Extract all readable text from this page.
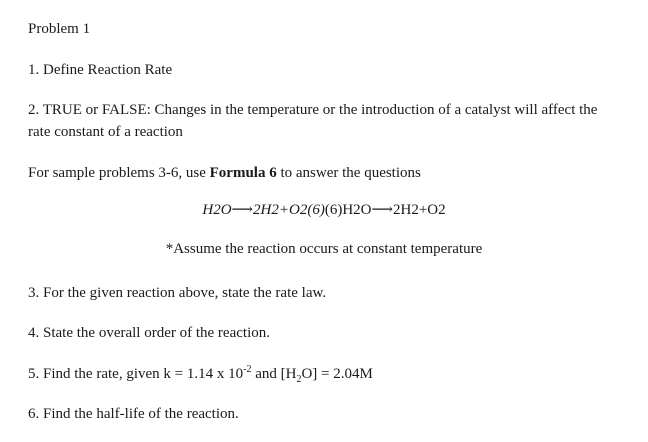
Problem 1
1. Define Reaction Rate
2. TRUE or FALSE: Changes in the temperature or the introduction of a catalyst will affect the
rate constant of a reaction
For sample problems 3-6, use Formula 6 to answer the questions
H2O⟶2H2+O2(6)(6)H2O⟶2H2+O2
*Assume the reaction occurs at constant temperature
3. For the given reaction above, state the rate law.
4. State the overall order of the reaction.
5. Find the rate, given k = 1.14 x $10^{-2}$ and $[H_2O] = 2.04M$
6. Find the half-life of the reaction.
